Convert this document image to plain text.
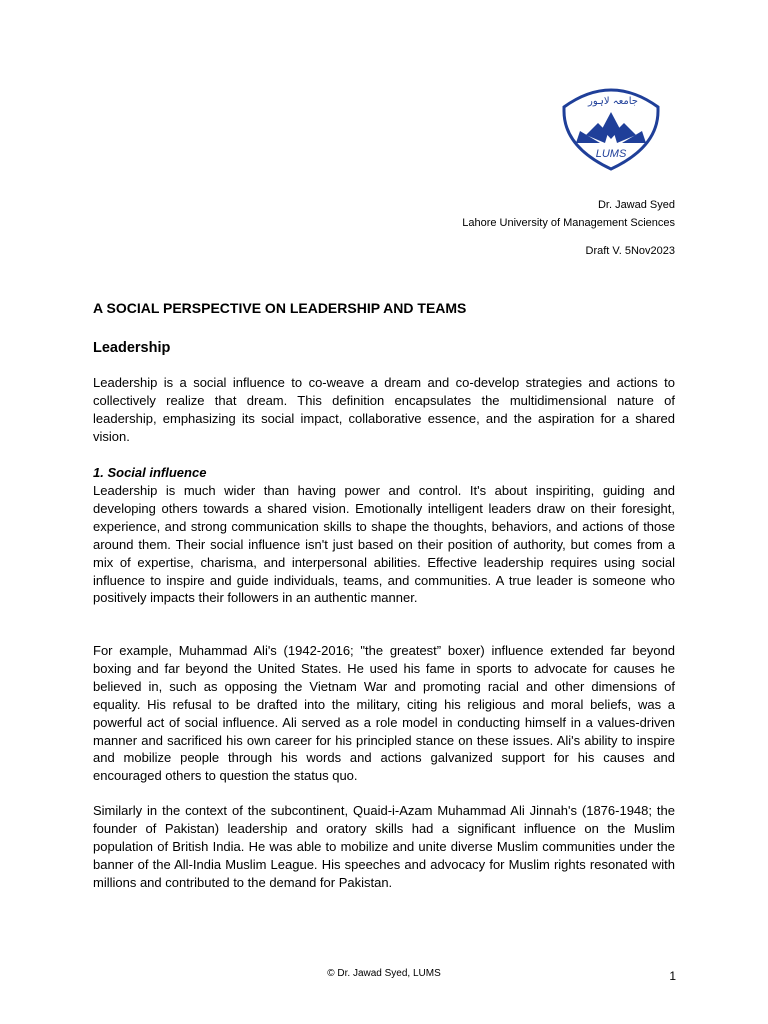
جامعہ لاہور
LUMS
Dr. Jawad Syed
Lahore University of Management Sciences
Draft V. 5Nov2023
A SOCIAL PERSPECTIVE ON LEADERSHIP AND TEAMS
Leadership

Leadership is a social influence to co-weave a dream and co-develop strategies and actions to collectively realize that dream. This definition encapsulates the multidimensional nature of leadership, emphasizing its social impact, collaborative essence, and the aspiration for a shared vision.

1. Social influence

Leadership is much wider than having power and control. It's about inspiriting, guiding and developing others towards a shared vision. Emotionally intelligent leaders draw on their foresight, experience, and strong communication skills to shape the thoughts, behaviors, and actions of those around them. Their social influence isn't just based on their position of authority, but comes from a mix of expertise, charisma, and interpersonal abilities. Effective leadership requires using social influence to inspire and guide individuals, teams, and communities. A true leader is someone who positively impacts their followers in an authentic manner.

For example, Muhammad Ali's (1942-2016; "the greatest” boxer) influence extended far beyond boxing and far beyond the United States. He used his fame in sports to advocate for causes he believed in, such as opposing the Vietnam War and promoting racial and other dimensions of equality. His refusal to be drafted into the military, citing his religious and moral beliefs, was a powerful act of social influence. Ali served as a role model in conducting himself in a values-driven manner and sacrificed his own career for his principled stance on these issues. Ali's ability to inspire and mobilize people through his words and actions galvanized support for his causes and encouraged others to question the status quo.

Similarly in the context of the subcontinent, Quaid-i-Azam Muhammad Ali Jinnah's (1876-1948; the founder of Pakistan) leadership and oratory skills had a significant influence on the Muslim population of British India. He was able to mobilize and unite diverse Muslim communities under the banner of the All-India Muslim League. His speeches and advocacy for Muslim rights resonated with millions and contributed to the demand for Pakistan.

© Dr. Jawad Syed, LUMS	1
